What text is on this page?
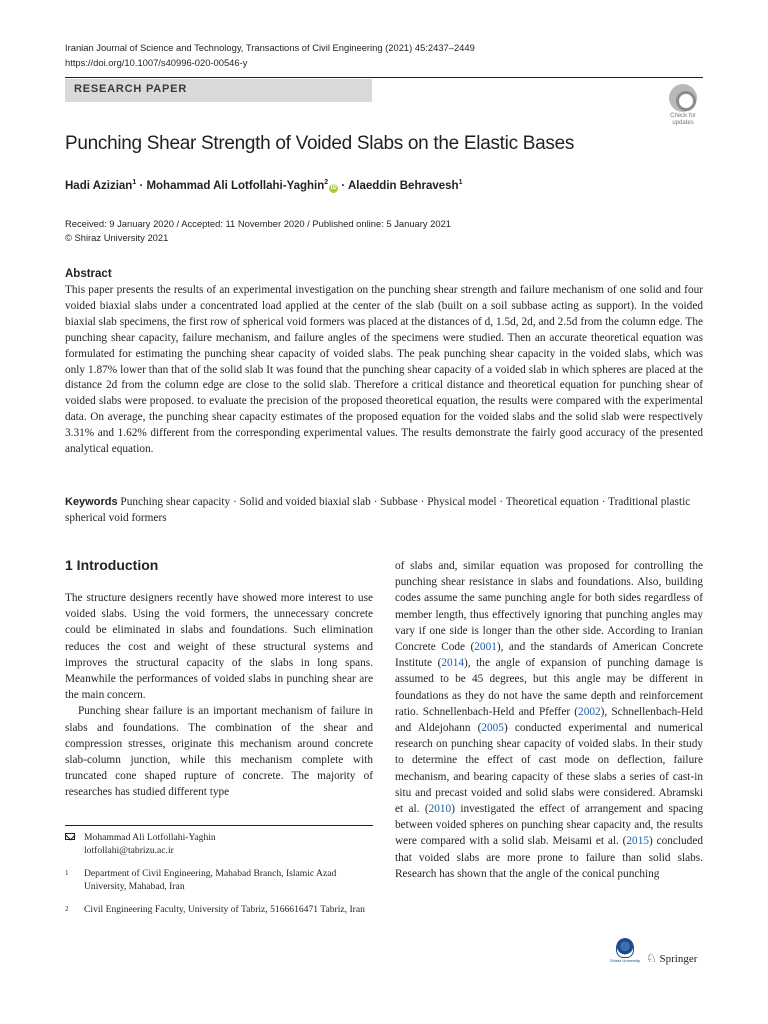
Iranian Journal of Science and Technology, Transactions of Civil Engineering (2021) 45:2437–2449
https://doi.org/10.1007/s40996-020-00546-y
RESEARCH PAPER
Check for
updates
Punching Shear Strength of Voided Slabs on the Elastic Bases
Hadi Azizian$^1$ · Mohammad Ali Lotfollahi-Yaghin$^2$iD · Alaeddin Behravesh$^1$
Received: 9 January 2020 / Accepted: 11 November 2020 / Published online: 5 January 2021
© Shiraz University 2021
Abstract

This paper presents the results of an experimental investigation on the punching shear strength and failure mechanism of one solid and four voided biaxial slabs under a concentrated load applied at the center of the slab (built on a soil subbase acting as support). In the voided biaxial slab specimens, the first row of spherical void formers was placed at the distances of d, 1.5d, 2d, and 2.5d from the column edge. The punching shear capacity, failure mechanism, and failure angles of the specimens were studied. Then an accurate theoretical equation was formulated for estimating the punching shear capacity of voided slabs. The peak punching shear capacity in the voided slabs, which was only 1.87% lower than that of the solid slab It was found that the punching shear capacity of a voided slab in which spheres are placed at the distance 2d from the column edge are close to the solid slab. Therefore a critical distance and theoretical equation for punching shear of voided slabs were proposed. to evaluate the precision of the proposed theoretical equation, the results were compared with the experimental data. On average, the punching shear capacity estimates of the proposed equation for the voided slabs and the solid slab were respectively 3.31% and 1.62% different from the corresponding experimental values. The results demonstrate the fairly good accuracy of the presented analytical equation.

Keywords Punching shear capacity · Solid and voided biaxial slab · Subbase · Physical model · Theoretical equation · Traditional plastic spherical void formers
1 Introduction

The structure designers recently have showed more interest to use voided slabs. Using the void formers, the unnecessary concrete could be eliminated in slabs and foundations. Such elimination reduces the cost and weight of these structural systems and improves the structural capacity of the slabs in long spans. Meanwhile the performances of voided slabs in punching shear are the main concern.

Punching shear failure is an important mechanism of failure in slabs and foundations. The combination of the shear and compression stresses, originate this mechanism around concrete slab-column junction, while this mechanism complete with truncated cone shaped rupture of concrete. The majority of researches has studied different type

of slabs and, similar equation was proposed for controlling the punching shear resistance in slabs and foundations. Also, building codes assume the same punching angle for both sides regardless of member length, thus effectively ignoring that punching angles may vary if one side is longer than the other side. According to Iranian Concrete Code (2001), and the standards of American Concrete Institute (2014), the angle of expansion of punching damage is assumed to be 45 degrees, but this angle may be different in foundations as they do not have the same depth and reinforcement ratio. Schnellenbach-Held and Pfeffer (2002), Schnellenbach-Held and Aldejohann (2005) conducted experimental and numerical research on punching shear capacity of voided slabs. In their study to determine the effect of cast mode on deflection, failure mechanism, and bearing capacity of these slabs a series of cast-in situ and precast voided and solid slabs were considered. Abramski et al. (2010) investigated the effect of arrangement and spacing between voided spheres on punching shear capacity and, the results were compared with a solid slab. Meisami et al. (2015) concluded that voided slabs are more prone to failure than solid slabs. Research has shown that the angle of the conical punching

Mohammad Ali Lotfollahi-Yaghin
lotfollahi@tabrizu.ac.ir
1 Department of Civil Engineering, Mahabad Branch, Islamic Azad University, Mahabad, Iran
2 Civil Engineering Faculty, University of Tabriz, 5166616471 Tabriz, Iran
Shiraz University ♘ Springer
